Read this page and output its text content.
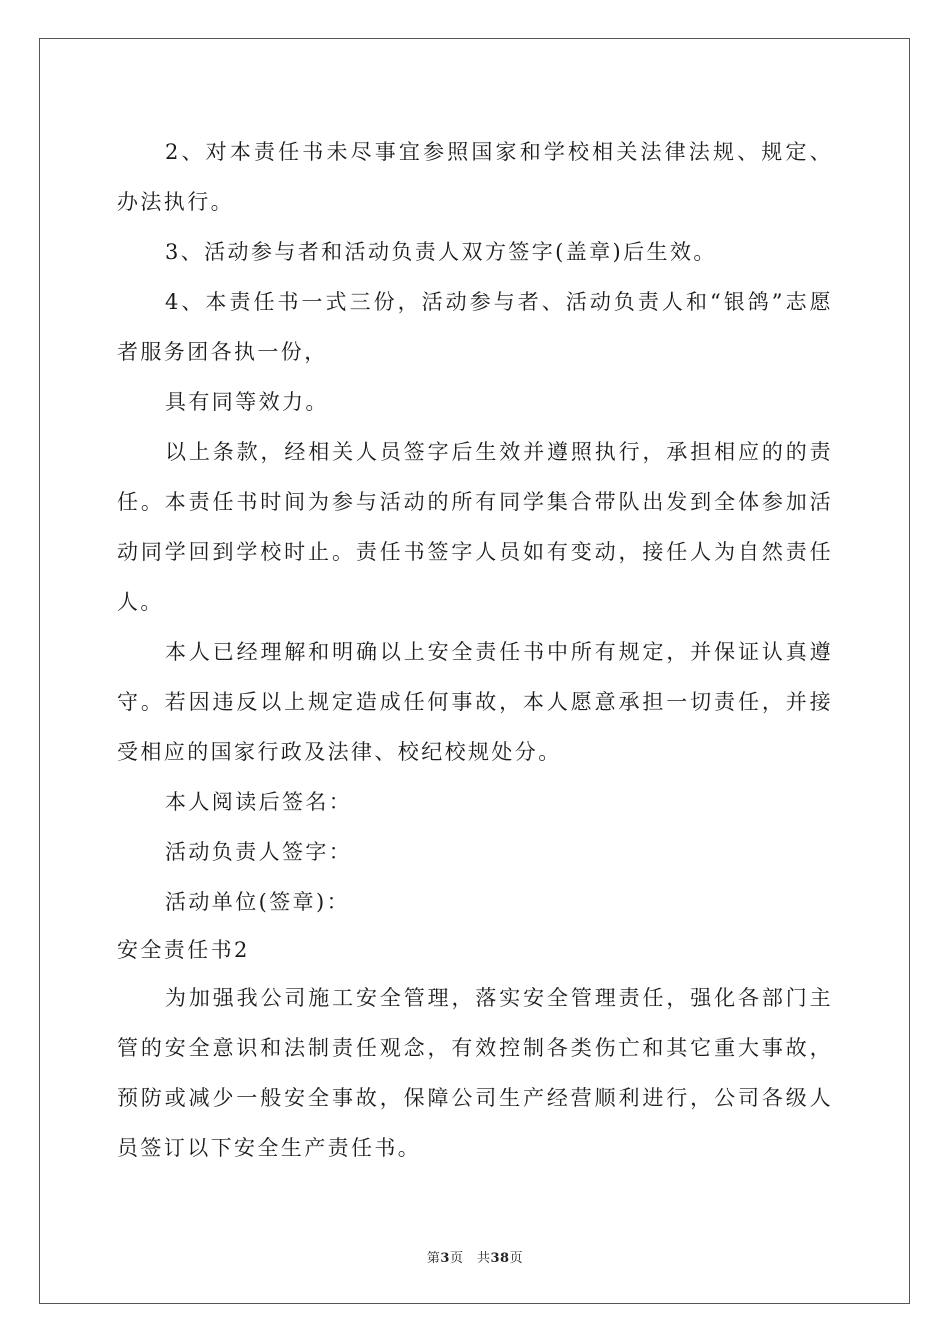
2、对本责任书未尽事宜参照国家和学校相关法律法规、规定、办法执行。

3、活动参与者和活动负责人双方签字(盖章)后生效。

4、本责任书一式三份，活动参与者、活动负责人和“银鸽”志愿者服务团各执一份，

具有同等效力。

以上条款，经相关人员签字后生效并遵照执行，承担相应的的责任。本责任书时间为参与活动的所有同学集合带队出发到全体参加活动同学回到学校时止。责任书签字人员如有变动，接任人为自然责任人。

本人已经理解和明确以上安全责任书中所有规定，并保证认真遵守。若因违反以上规定造成任何事故，本人愿意承担一切责任，并接受相应的国家行政及法律、校纪校规处分。

本人阅读后签名：

活动负责人签字：

活动单位(签章)：

安全责任书2

为加强我公司施工安全管理，落实安全管理责任，强化各部门主管的安全意识和法制责任观念，有效控制各类伤亡和其它重大事故，预防或减少一般安全事故，保障公司生产经营顺利进行，公司各级人员签订以下安全生产责任书。

第3页　共38页
